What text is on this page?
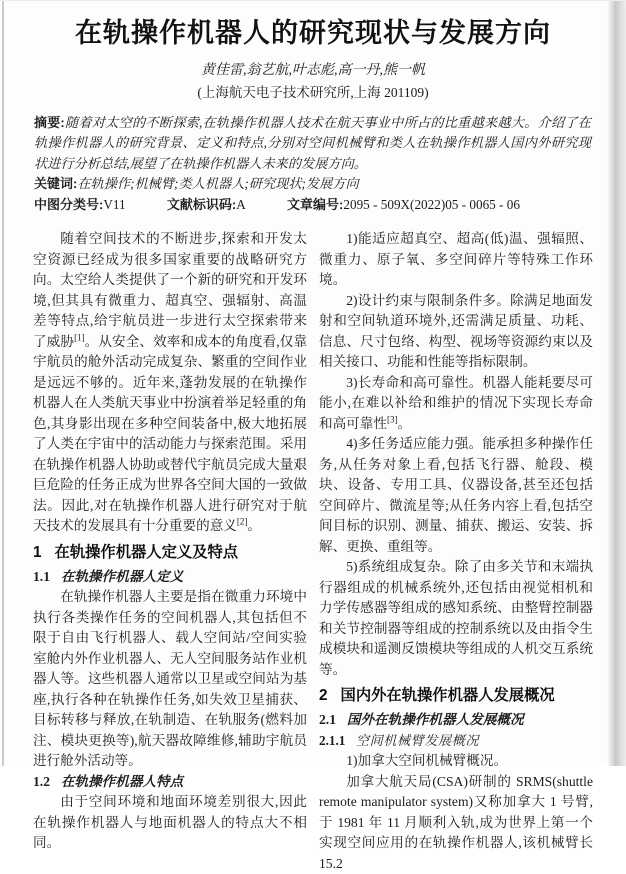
在轨操作机器人的研究现状与发展方向
黄佳雷,翁艺航,叶志彪,高一丹,熊一帆
(上海航天电子技术研究所,上海 201109)

摘要:随着对太空的不断探索,在轨操作机器人技术在航天事业中所占的比重越来越大。介绍了在轨操作机器人的研究背景、定义和特点,分别对空间机械臂和类人在轨操作机器人国内外研究现状进行分析总结,展望了在轨操作机器人未来的发展方向。

关键词:在轨操作;机械臂;类人机器人;研究现状;发展方向

中图分类号:V11	文献标识码:A	文章编号:2095 - 509X(2022)05 - 0065 - 06

随着空间技术的不断进步,探索和开发太空资源已经成为很多国家重要的战略研究方向。太空给人类提供了一个新的研究和开发环境,但其具有微重力、超真空、强辐射、高温差等特点,给宇航员进一步进行太空探索带来了威胁[1]。从安全、效率和成本的角度看,仅靠宇航员的舱外活动完成复杂、繁重的空间作业是远远不够的。近年来,蓬勃发展的在轨操作机器人在人类航天事业中扮演着举足轻重的角色,其身影出现在多种空间装备中,极大地拓展了人类在宇宙中的活动能力与探索范围。采用在轨操作机器人协助或替代宇航员完成大量艰巨危险的任务正成为世界各空间大国的一致做法。因此,对在轨操作机器人进行研究对于航天技术的发展具有十分重要的意义[2]。

1 在轨操作机器人定义及特点
1.1 在轨操作机器人定义

在轨操作机器人主要是指在微重力环境中执行各类操作任务的空间机器人,其包括但不限于自由飞行机器人、载人空间站/空间实验室舱内外作业机器人、无人空间服务站作业机器人等。这些机器人通常以卫星或空间站为基座,执行各种在轨操作任务,如失效卫星捕获、目标转移与释放,在轨制造、在轨服务(燃料加注、模块更换等),航天器故障维修,辅助宇航员进行舱外活动等。

1.2 在轨操作机器人特点

由于空间环境和地面环境差别很大,因此在轨操作机器人与地面机器人的特点大不相同。

1)能适应超真空、超高(低)温、强辐照、微重力、原子氧、多空间碎片等特殊工作环境。

2)设计约束与限制条件多。除满足地面发射和空间轨道环境外,还需满足质量、功耗、信息、尺寸包络、构型、视场等资源约束以及相关接口、功能和性能等指标限制。

3)长寿命和高可靠性。机器人能耗要尽可能小,在难以补给和维护的情况下实现长寿命和高可靠性[3]。

4)多任务适应能力强。能承担多种操作任务,从任务对象上看,包括飞行器、舱段、模块、设备、专用工具、仪器设备,甚至还包括空间碎片、微流星等;从任务内容上看,包括空间目标的识别、测量、捕获、搬运、安装、拆解、更换、重组等。

5)系统组成复杂。除了由多关节和末端执行器组成的机械系统外,还包括由视觉相机和力学传感器等组成的感知系统、由整臂控制器和关节控制器等组成的控制系统以及由指令生成模块和遥测反馈模块等组成的人机交互系统等。

2 国内外在轨操作机器人发展概况
2.1 国外在轨操作机器人发展概况
2.1.1 空间机械臂发展概况

1)加拿大空间机械臂概况。

加拿大航天局(CSA)研制的 SRMS(shuttle remote manipulator system)又称加拿大 1 号臂,于 1981 年 11 月顺利入轨,成为世界上第一个实现空间应用的在轨操作机器人,该机械臂长 15.2
